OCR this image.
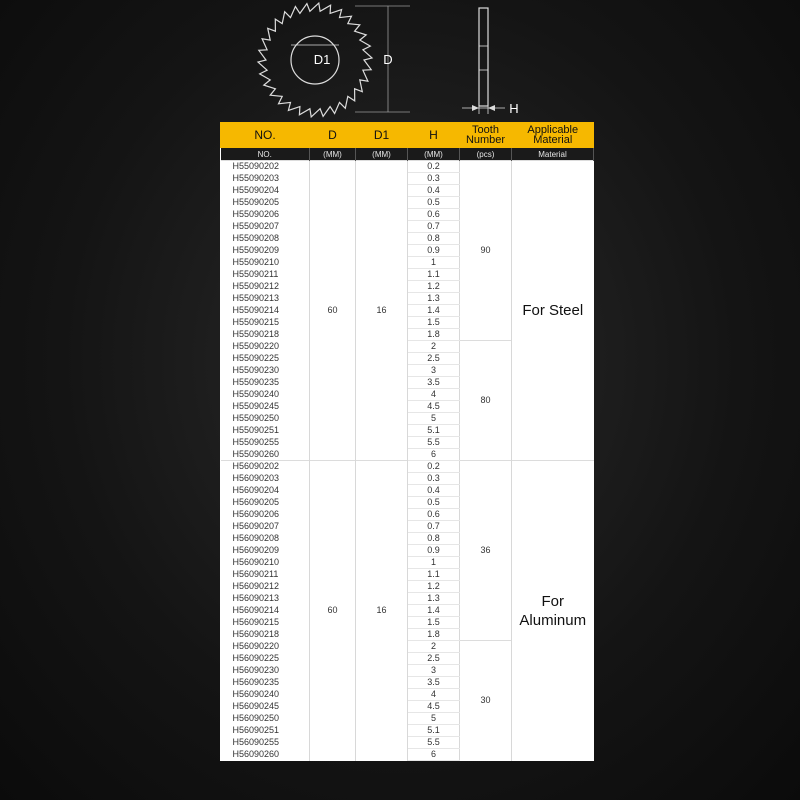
D1	D
H
NO.	D	D1	H	Tooth Number	Applicable Material

NO.	(MM)	(MM)	(MM)	(pcs)	Material
H55090202	60	16	0.2	90	For Steel
H55090203			0.3		
H55090204			0.4		
H55090205			0.5		
H55090206			0.6		
H55090207			0.7		
H55090208			0.8		
H55090209			0.9		
H55090210			1		
H55090211			1.1		
H55090212			1.2		
H55090213			1.3		
H55090214			1.4		
H55090215			1.5		
H55090218			1.8		
H55090220			2	80	
H55090225			2.5		
H55090230			3		
H55090235			3.5		
H55090240			4		
H55090245			4.5		
H55090250			5		
H55090251			5.1		
H55090255			5.5		
H55090260			6		
H56090202	60	16	0.2	36	For Aluminum
H56090203			0.3		
H56090204			0.4		
H56090205			0.5		
H56090206			0.6		
H56090207			0.7		
H56090208			0.8		
H56090209			0.9		
H56090210			1		
H56090211			1.1		
H56090212			1.2		
H56090213			1.3		
H56090214			1.4		
H56090215			1.5		
H56090218			1.8		
H56090220			2	30	
H56090225			2.5		
H56090230			3		
H56090235			3.5		
H56090240			4		
H56090245			4.5		
H56090250			5		
H56090251			5.1		
H56090255			5.5		
H56090260			6		
